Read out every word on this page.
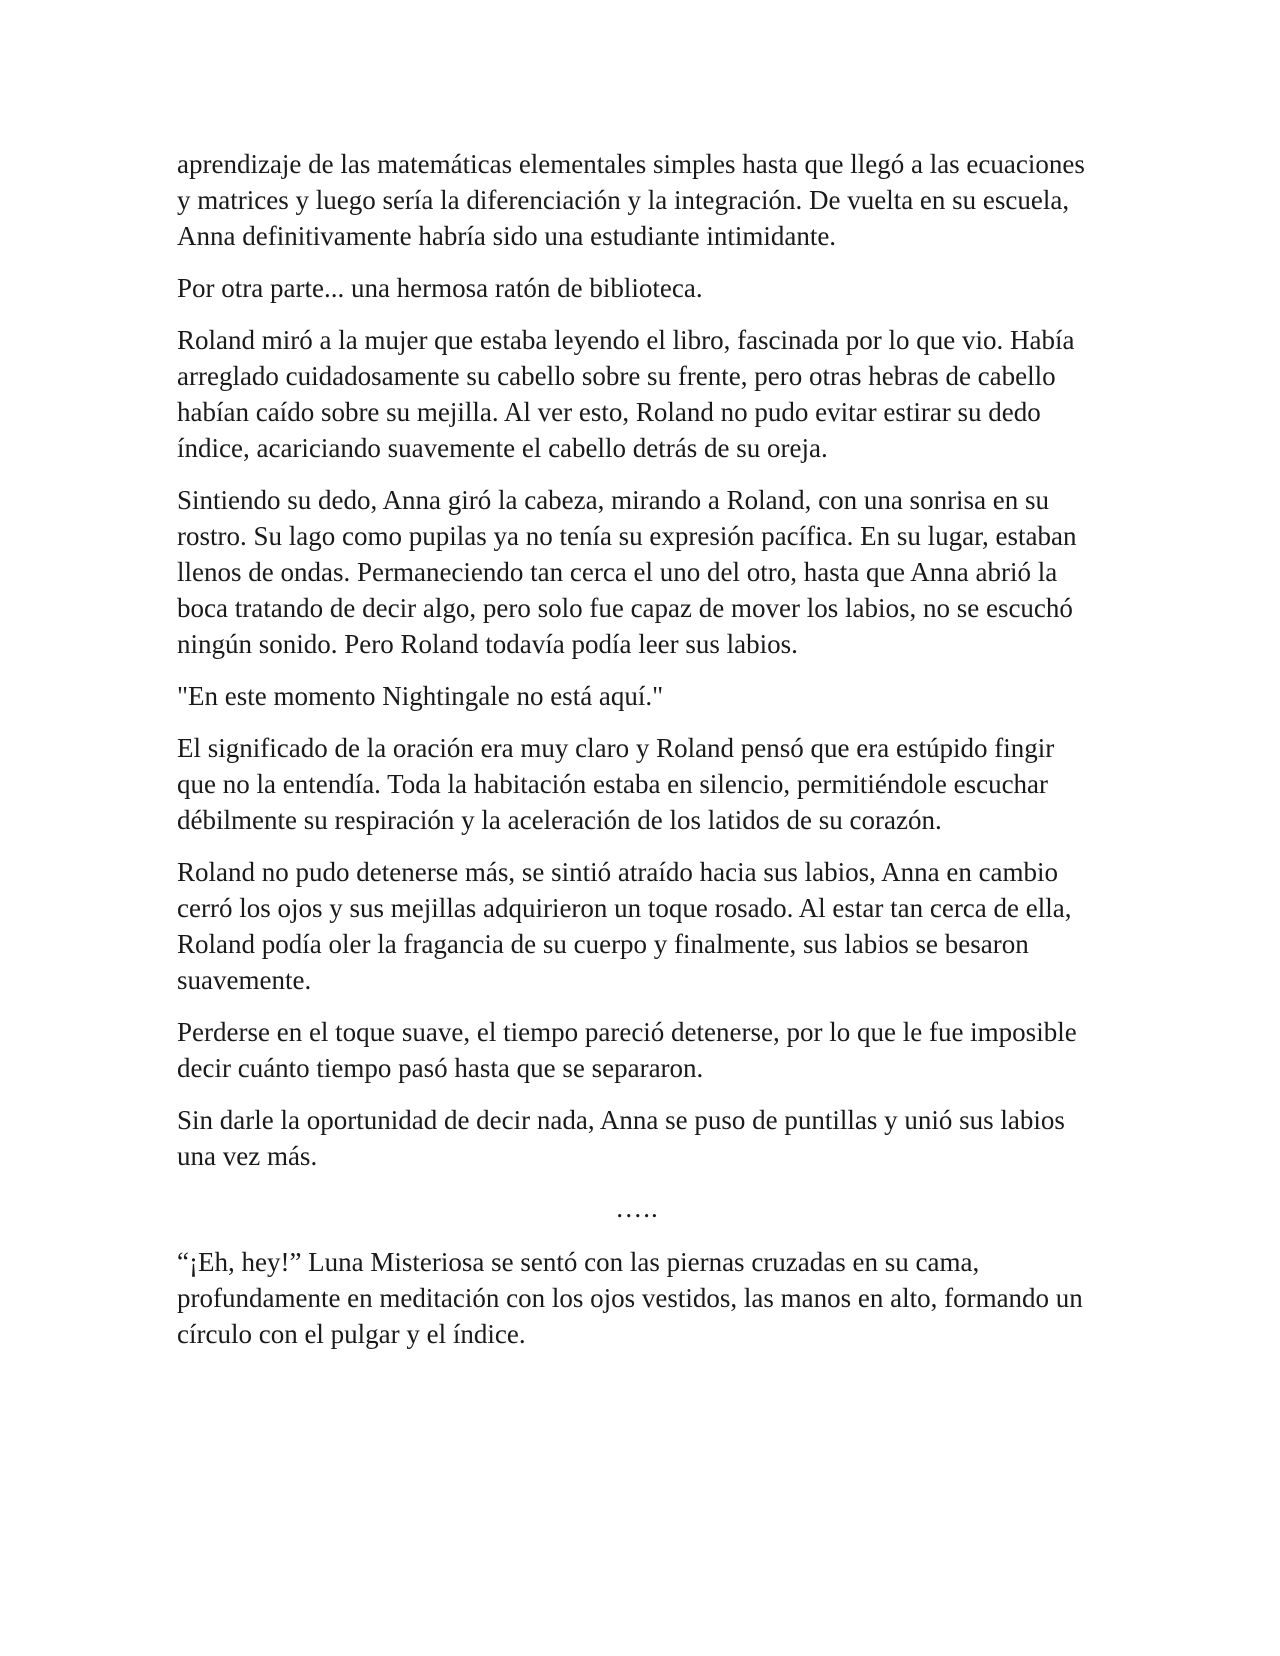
aprendizaje de las matemáticas elementales simples hasta que llegó a las ecuaciones y matrices y luego sería la diferenciación y la integración. De vuelta en su escuela, Anna definitivamente habría sido una estudiante intimidante.

Por otra parte... una hermosa ratón de biblioteca.

Roland miró a la mujer que estaba leyendo el libro, fascinada por lo que vio. Había arreglado cuidadosamente su cabello sobre su frente, pero otras hebras de cabello habían caído sobre su mejilla. Al ver esto, Roland no pudo evitar estirar su dedo índice, acariciando suavemente el cabello detrás de su oreja.

Sintiendo su dedo, Anna giró la cabeza, mirando a Roland, con una sonrisa en su rostro. Su lago como pupilas ya no tenía su expresión pacífica. En su lugar, estaban llenos de ondas. Permaneciendo tan cerca el uno del otro, hasta que Anna abrió la boca tratando de decir algo, pero solo fue capaz de mover los labios, no se escuchó ningún sonido. Pero Roland todavía podía leer sus labios.

"En este momento Nightingale no está aquí."

El significado de la oración era muy claro y Roland pensó que era estúpido fingir que no la entendía. Toda la habitación estaba en silencio, permitiéndole escuchar débilmente su respiración y la aceleración de los latidos de su corazón.

Roland no pudo detenerse más, se sintió atraído hacia sus labios, Anna en cambio cerró los ojos y sus mejillas adquirieron un toque rosado. Al estar tan cerca de ella, Roland podía oler la fragancia de su cuerpo y finalmente, sus labios se besaron suavemente.

Perderse en el toque suave, el tiempo pareció detenerse, por lo que le fue imposible decir cuánto tiempo pasó hasta que se separaron.

Sin darle la oportunidad de decir nada, Anna se puso de puntillas y unió sus labios una vez más.

…..

“¡Eh, hey!” Luna Misteriosa se sentó con las piernas cruzadas en su cama, profundamente en meditación con los ojos vestidos, las manos en alto, formando un círculo con el pulgar y el índice.
